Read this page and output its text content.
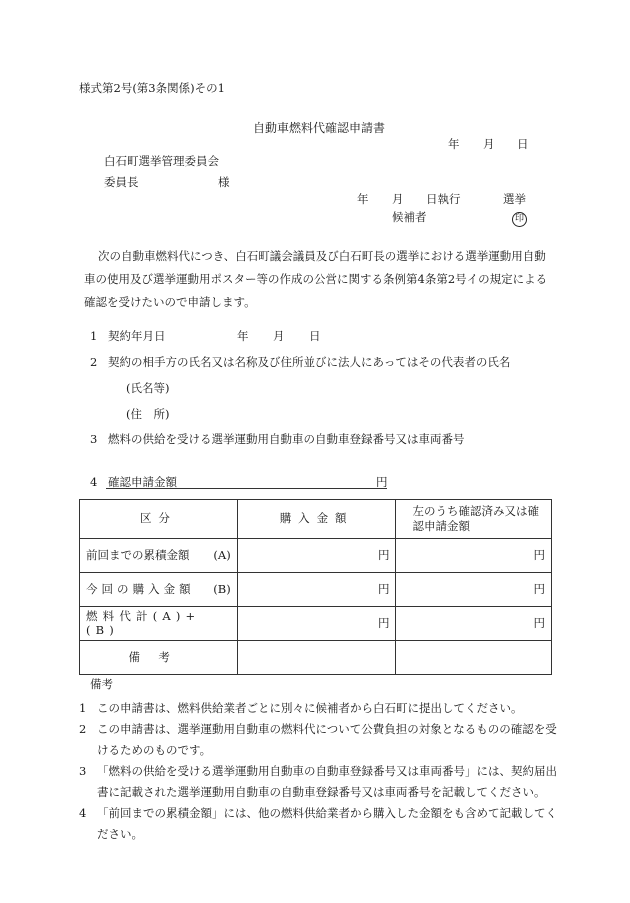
様式第2号(第3条関係)その1
自動車燃料代確認申請書
年 月 日
白石町選挙管理委員会
委員長	様
年 月 日執行	選挙
候補者	印
次の自動車燃料代につき、白石町議会議員及び白石町長の選挙における選挙運動用自動車の使用及び選挙運動用ポスター等の作成の公営に関する条例第4条第2号イの規定による確認を受けたいので申請します。
1 契約年月日	年 月 日
2 契約の相手方の氏名又は名称及び住所並びに法人にあってはその代表者の氏名
(氏名等)
(住　所)
3 燃料の供給を受ける選挙運動用自動車の自動車登録番号又は車両番号
4 確認申請金額	円
区分	購入金額	左のうち確認済み又は確認申請金額

前回までの累積金額 (A)	円	円

今回の購入金額 (B)	円	円
燃料代計(A)+(B)	円	円
備考		
備考

1 この申請書は、燃料供給業者ごとに別々に候補者から白石町に提出してください。

2 この申請書は、選挙運動用自動車の燃料代について公費負担の対象となるものの確認を受けるためのものです。

3 「燃料の供給を受ける選挙運動用自動車の自動車登録番号又は車両番号」には、契約届出書に記載された選挙運動用自動車の自動車登録番号又は車両番号を記載してください。

4 「前回までの累積金額」には、他の燃料供給業者から購入した金額をも含めて記載してください。
